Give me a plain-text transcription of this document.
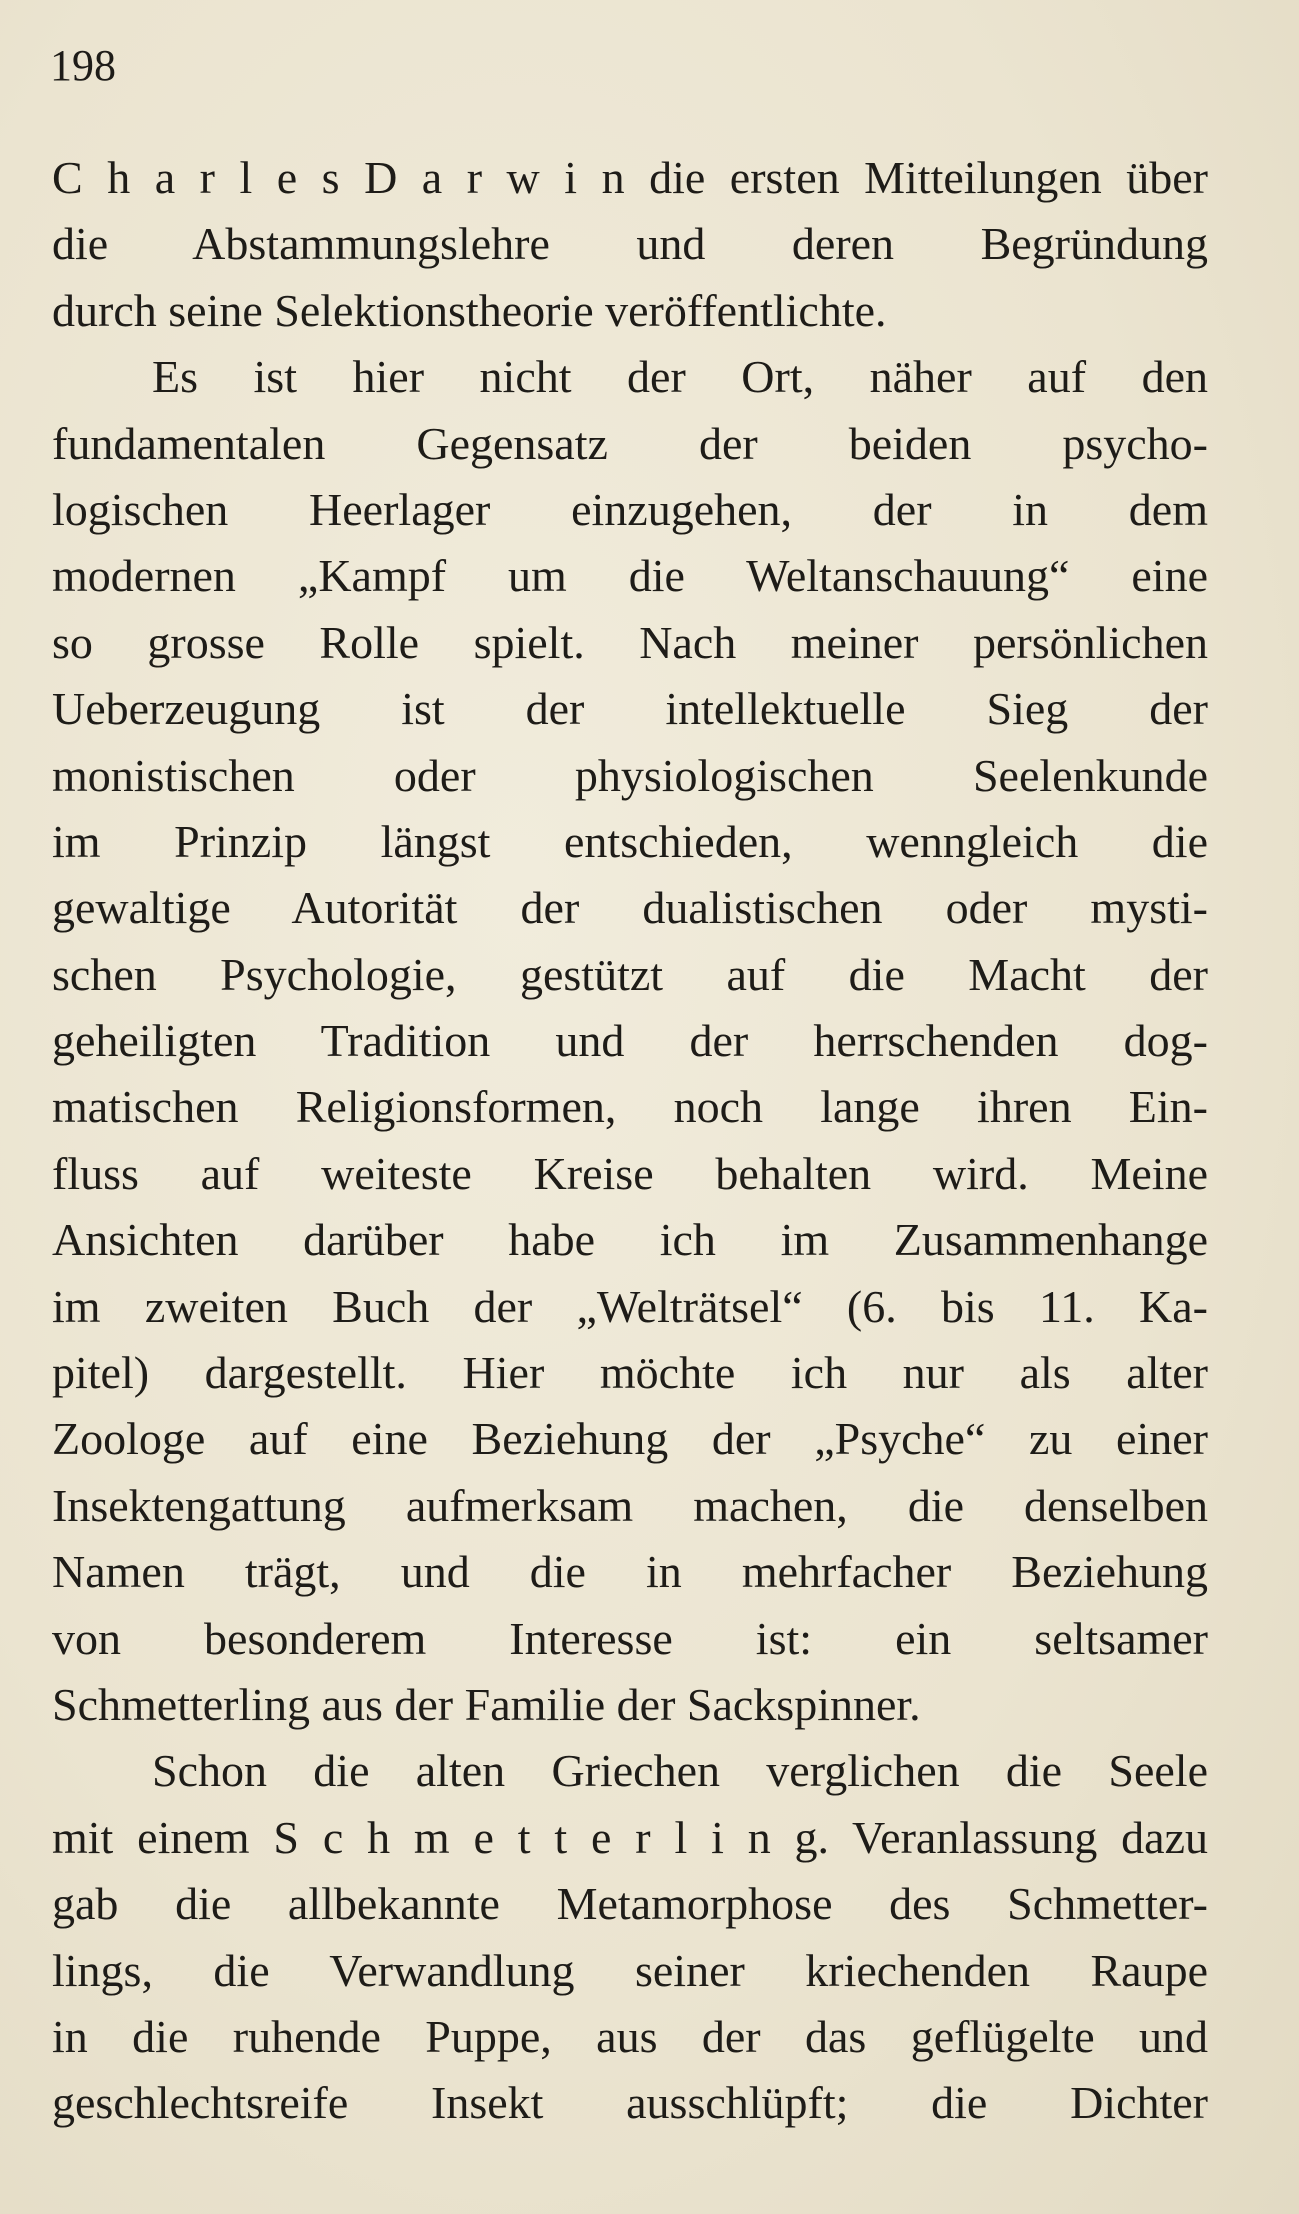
198
C h a r l e s D a r w i n die ersten Mitteilungen über
die Abstammungslehre und deren Begründung
durch seine Selektionstheorie veröffentlichte.
Es ist hier nicht der Ort, näher auf den
fundamentalen Gegensatz der beiden psycho-
logischen Heerlager einzugehen, der in dem
modernen „Kampf um die Weltanschauung“ eine
so grosse Rolle spielt. Nach meiner persönlichen
Ueberzeugung ist der intellektuelle Sieg der
monistischen oder physiologischen Seelenkunde
im Prinzip längst entschieden, wenngleich die
gewaltige Autorität der dualistischen oder mysti-
schen Psychologie, gestützt auf die Macht der
geheiligten Tradition und der herrschenden dog-
matischen Religionsformen, noch lange ihren Ein-
fluss auf weiteste Kreise behalten wird. Meine
Ansichten darüber habe ich im Zusammenhange
im zweiten Buch der „Welträtsel“ (6. bis 11. Ka-
pitel) dargestellt. Hier möchte ich nur als alter
Zoologe auf eine Beziehung der „Psyche“ zu einer
Insektengattung aufmerksam machen, die denselben
Namen trägt, und die in mehrfacher Beziehung
von besonderem Interesse ist: ein seltsamer
Schmetterling aus der Familie der Sackspinner.
Schon die alten Griechen verglichen die Seele
mit einem S c h m e t t e r l i n g. Veranlassung dazu
gab die allbekannte Metamorphose des Schmetter-
lings, die Verwandlung seiner kriechenden Raupe
in die ruhende Puppe, aus der das geflügelte und
geschlechtsreife Insekt ausschlüpft; die Dichter
